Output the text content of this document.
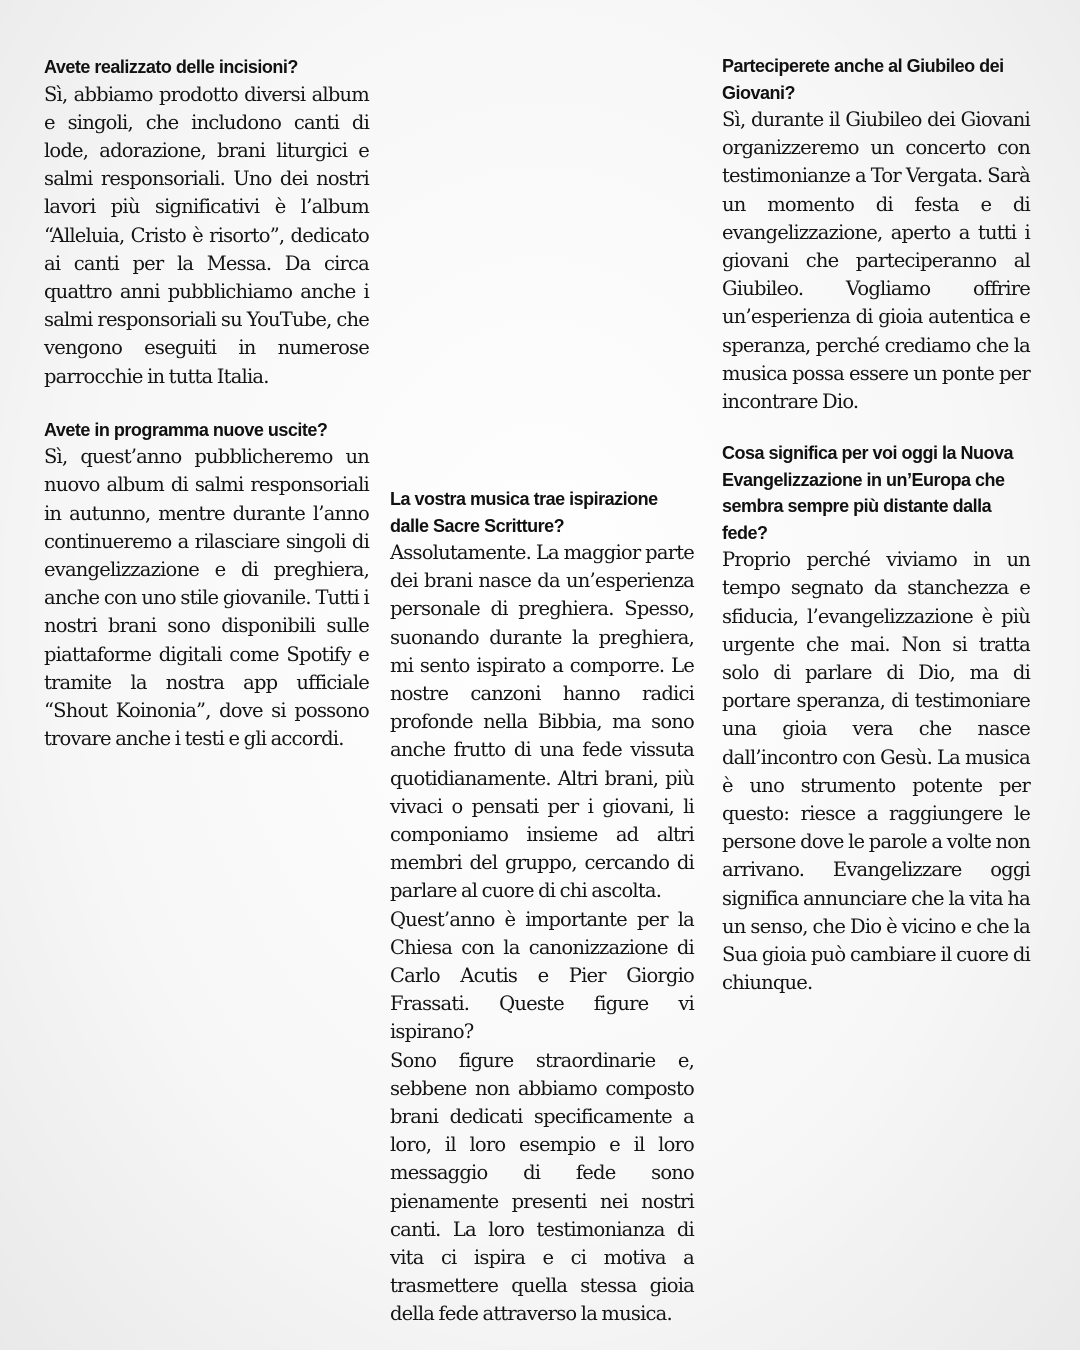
Avete realizzato delle incisioni?

Sì, abbiamo prodotto diversi album e singoli, che includono canti di lode, adorazione, brani liturgici e salmi responsoriali. Uno dei nostri lavori più significativi è l’album “Alleluia, Cristo è risorto”, dedicato ai canti per la Messa. Da circa quattro anni pubblichiamo anche i salmi responsoriali su YouTube, che vengono eseguiti in numerose parrocchie in tutta Italia.

Avete in programma nuove uscite?

Sì, quest’anno pubblicheremo un nuovo album di salmi responsoriali in autunno, mentre durante l’anno continueremo a rilasciare singoli di evangelizzazione e di preghiera, anche con uno stile giovanile. Tutti i nostri brani sono disponibili sulle piattaforme digitali come Spotify e tramite la nostra app ufficiale “Shout Koinonia”, dove si possono trovare anche i testi e gli accordi.

La vostra musica trae ispirazione dalle Sacre Scritture?

Assolutamente. La maggior parte dei brani nasce da un’esperienza personale di preghiera. Spesso, suonando durante la preghiera, mi sento ispirato a comporre. Le nostre canzoni hanno radici profonde nella Bibbia, ma sono anche frutto di una fede vissuta quotidianamente. Altri brani, più vivaci o pensati per i giovani, li componiamo insieme ad altri membri del gruppo, cercando di parlare al cuore di chi ascolta.

Quest’anno è importante per la Chiesa con la canonizzazione di Carlo Acutis e Pier Giorgio Frassati. Queste figure vi ispirano?

Sono figure straordinarie e, sebbene non abbiamo composto brani dedicati specificamente a loro, il loro esempio e il loro messaggio di fede sono pienamente presenti nei nostri canti. La loro testimonianza di vita ci ispira e ci motiva a trasmettere quella stessa gioia della fede attraverso la musica.

Parteciperete anche al Giubileo dei Giovani?

Sì, durante il Giubileo dei Giovani organizzeremo un concerto con testimonianze a Tor Vergata. Sarà un momento di festa e di evangelizzazione, aperto a tutti i giovani che parteciperanno al Giubileo. Vogliamo offrire un’esperienza di gioia autentica e speranza, perché crediamo che la musica possa essere un ponte per incontrare Dio.

Cosa significa per voi oggi la Nuova Evangelizzazione in un’Europa che sembra sempre più distante dalla fede?

Proprio perché viviamo in un tempo segnato da stanchezza e sfiducia, l’evangelizzazione è più urgente che mai. Non si tratta solo di parlare di Dio, ma di portare speranza, di testimoniare una gioia vera che nasce dall’incontro con Gesù. La musica è uno strumento potente per questo: riesce a raggiungere le persone dove le parole a volte non arrivano. Evangelizzare oggi significa annunciare che la vita ha un senso, che Dio è vicino e che la Sua gioia può cambiare il cuore di chiunque.
